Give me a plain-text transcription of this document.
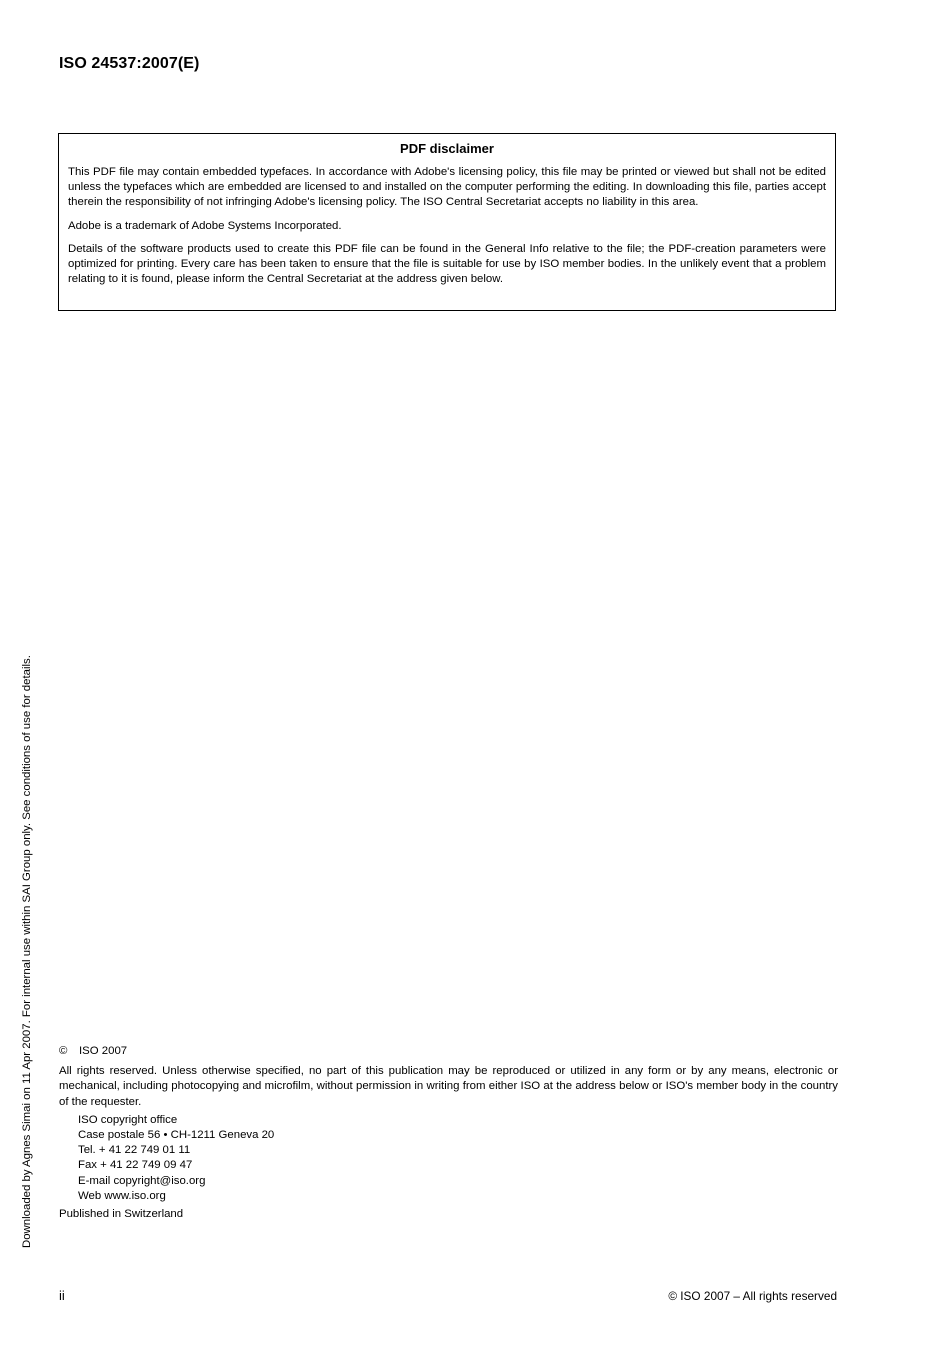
ISO 24537:2007(E)
PDF disclaimer

This PDF file may contain embedded typefaces. In accordance with Adobe's licensing policy, this file may be printed or viewed but shall not be edited unless the typefaces which are embedded are licensed to and installed on the computer performing the editing. In downloading this file, parties accept therein the responsibility of not infringing Adobe's licensing policy. The ISO Central Secretariat accepts no liability in this area.

Adobe is a trademark of Adobe Systems Incorporated.

Details of the software products used to create this PDF file can be found in the General Info relative to the file; the PDF-creation parameters were optimized for printing. Every care has been taken to ensure that the file is suitable for use by ISO member bodies. In the unlikely event that a problem relating to it is found, please inform the Central Secretariat at the address given below.

Downloaded by Agnes Simai on 11 Apr 2007. For internal use within SAI Group only. See conditions of use for details. © ISO 2007
All rights reserved. Unless otherwise specified, no part of this publication may be reproduced or utilized in any form or by any means, electronic or mechanical, including photocopying and microfilm, without permission in writing from either ISO at the address below or ISO's member body in the country of the requester.
ISO copyright office
Case postale 56 • CH-1211 Geneva 20
Tel. + 41 22 749 01 11
Fax + 41 22 749 09 47
E-mail copyright@iso.org
Web www.iso.org
Published in Switzerland
ii	© ISO 2007 – All rights reserved
